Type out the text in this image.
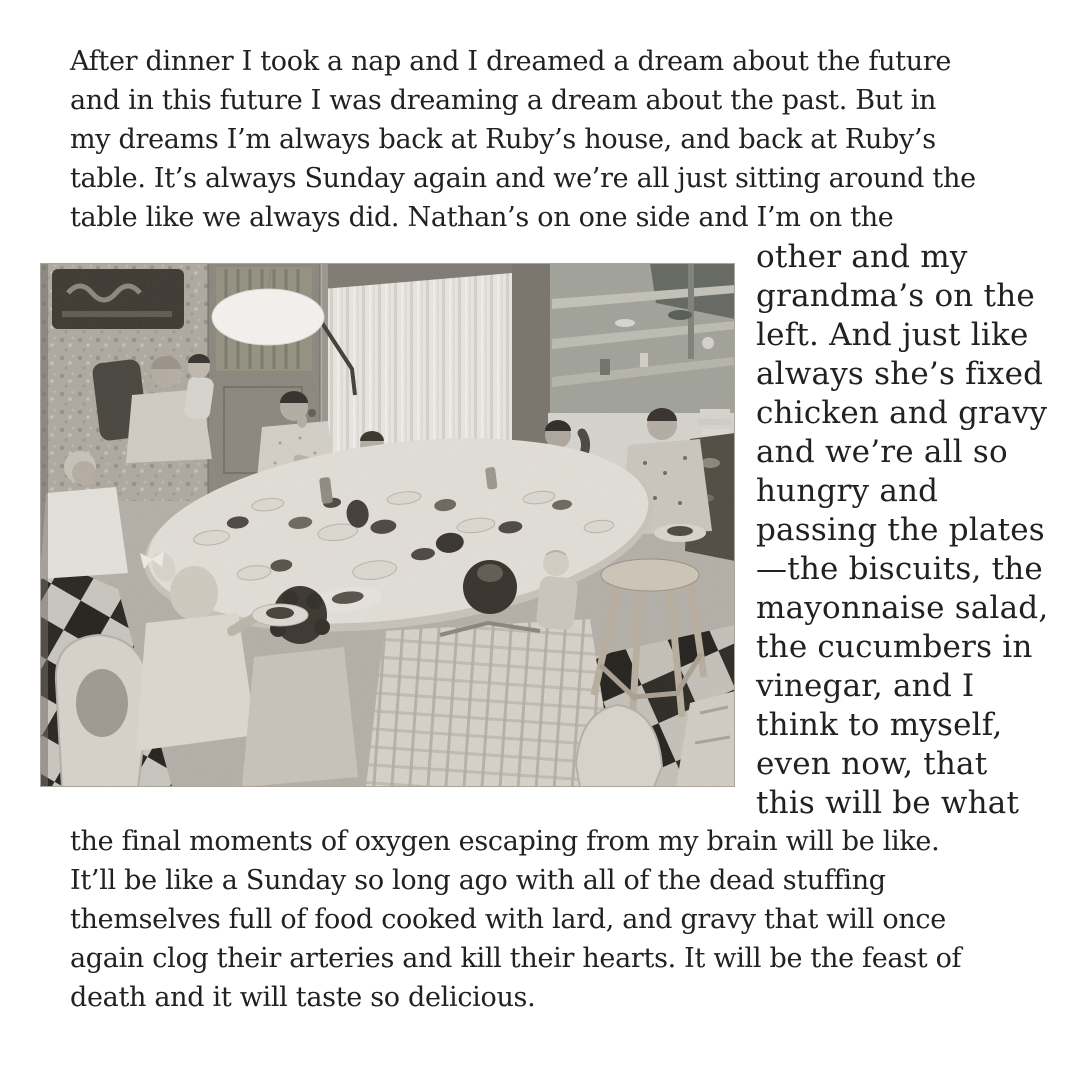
After dinner I took a nap and I dreamed a dream about the future
and in this future I was dreaming a dream about the past. But in
my dreams I’m always back at Ruby’s house, and back at Ruby’s
table. It’s always Sunday again and we’re all just sitting around the
table like we always did. Nathan’s on one side and I’m on the
other and my
grandma’s on the
left. And just like
always she’s fixed
chicken and gravy
and we’re all so
hungry and
passing the plates
—the biscuits, the
mayonnaise salad,
the cucumbers in
vinegar, and I
think to myself,
even now, that
this will be what
the final moments of oxygen escaping from my brain will be like.
It’ll be like a Sunday so long ago with all of the dead stuffing
themselves full of food cooked with lard, and gravy that will once
again clog their arteries and kill their hearts. It will be the feast of
death and it will taste so delicious.
